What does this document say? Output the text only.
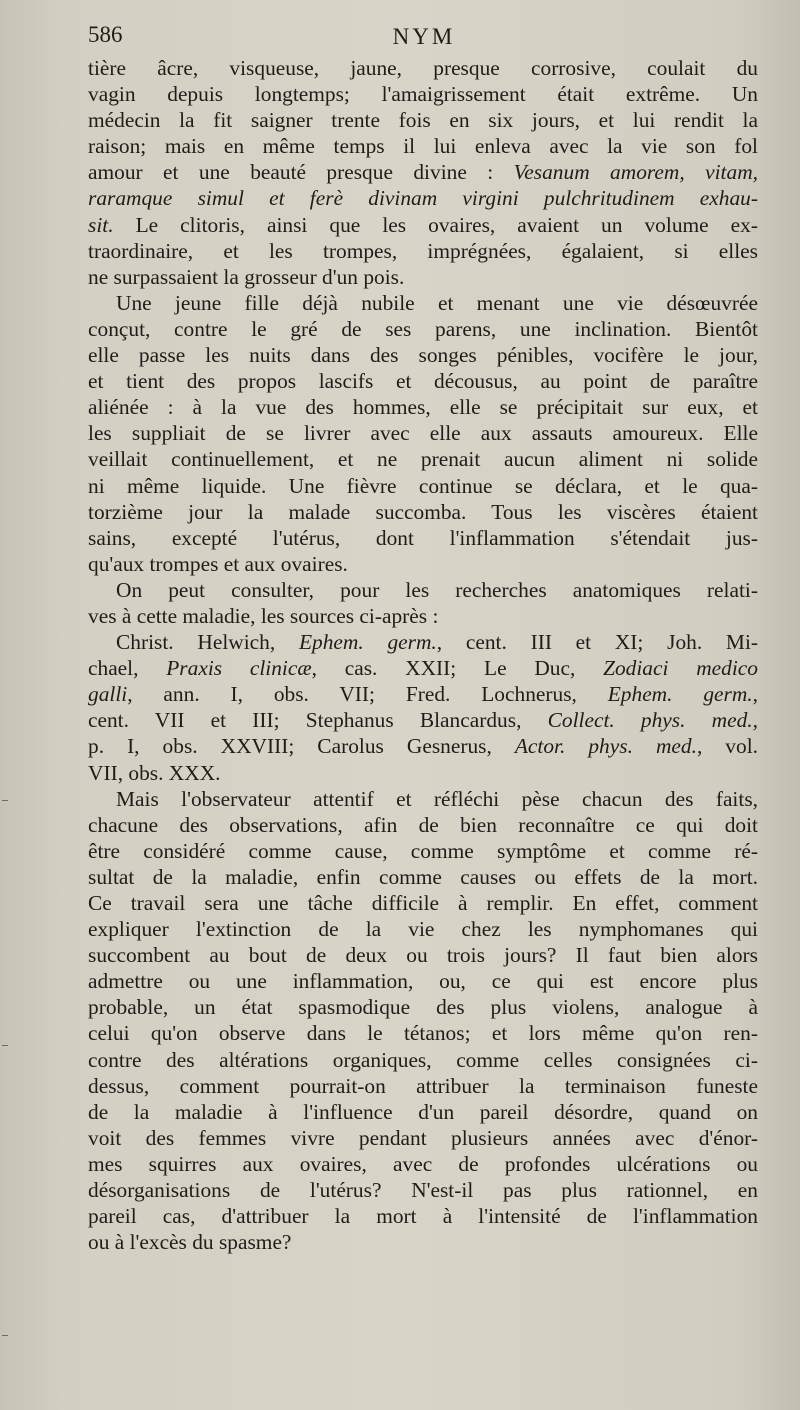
586	NYM
tière âcre, visqueuse, jaune, presque corrosive, coulait du
vagin depuis longtemps; l'amaigrissement était extrême. Un
médecin la fit saigner trente fois en six jours, et lui rendit la
raison; mais en même temps il lui enleva avec la vie son fol
amour et une beauté presque divine : Vesanum amorem, vitam,
raramque simul et ferè divinam virgini pulchritudinem exhau-
sit. Le clitoris, ainsi que les ovaires, avaient un volume ex-
traordinaire, et les trompes, imprégnées, égalaient, si elles
ne surpassaient la grosseur d'un pois.
Une jeune fille déjà nubile et menant une vie désœuvrée
conçut, contre le gré de ses parens, une inclination. Bientôt
elle passe les nuits dans des songes pénibles, vocifère le jour,
et tient des propos lascifs et décousus, au point de paraître
aliénée : à la vue des hommes, elle se précipitait sur eux, et
les suppliait de se livrer avec elle aux assauts amoureux. Elle
veillait continuellement, et ne prenait aucun aliment ni solide
ni même liquide. Une fièvre continue se déclara, et le qua-
torzième jour la malade succomba. Tous les viscères étaient
sains, excepté l'utérus, dont l'inflammation s'étendait jus-
qu'aux trompes et aux ovaires.
On peut consulter, pour les recherches anatomiques relati-
ves à cette maladie, les sources ci-après :
Christ. Helwich, Ephem. germ., cent. III et XI; Joh. Mi-
chael, Praxis clinicæ, cas. XXII; Le Duc, Zodiaci medico
galli, ann. I, obs. VII; Fred. Lochnerus, Ephem. germ.,
cent. VII et III; Stephanus Blancardus, Collect. phys. med.,
p. I, obs. XXVIII; Carolus Gesnerus, Actor. phys. med., vol.
VII, obs. XXX.
Mais l'observateur attentif et réfléchi pèse chacun des faits,
chacune des observations, afin de bien reconnaître ce qui doit
être considéré comme cause, comme symptôme et comme ré-
sultat de la maladie, enfin comme causes ou effets de la mort.
Ce travail sera une tâche difficile à remplir. En effet, comment
expliquer l'extinction de la vie chez les nymphomanes qui
succombent au bout de deux ou trois jours? Il faut bien alors
admettre ou une inflammation, ou, ce qui est encore plus
probable, un état spasmodique des plus violens, analogue à
celui qu'on observe dans le tétanos; et lors même qu'on ren-
contre des altérations organiques, comme celles consignées ci-
dessus, comment pourrait-on attribuer la terminaison funeste
de la maladie à l'influence d'un pareil désordre, quand on
voit des femmes vivre pendant plusieurs années avec d'énor-
mes squirres aux ovaires, avec de profondes ulcérations ou
désorganisations de l'utérus? N'est-il pas plus rationnel, en
pareil cas, d'attribuer la mort à l'intensité de l'inflammation
ou à l'excès du spasme?
